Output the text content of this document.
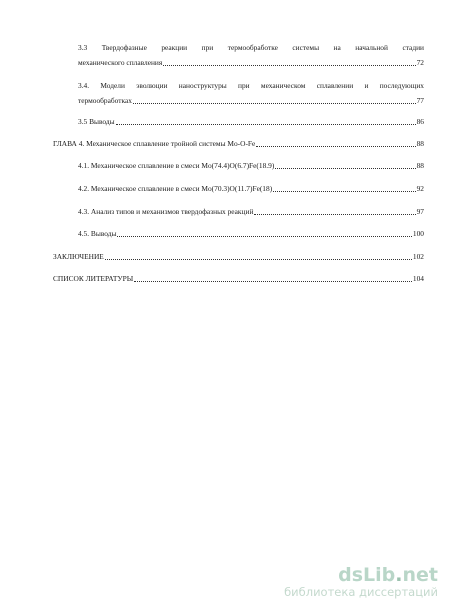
3.3 Твердофазные реакции при термообработке системы на начальной стадии
механического сплавления	72
3.4. Модели эволюции наноструктуры при механическом сплавлении и последующих
термообработках	77
3.5 Выводы	86
ГЛАВА 4. Механическое сплавление тройной системы Mo-O-Fe	88
4.1. Механическое сплавление в смеси Mo(74.4)O(6.7)Fe(18.9)	88
4.2. Механическое сплавление в смеси Mo(70.3)O(11.7)Fe(18)	92
4.3. Анализ типов и механизмов твердофазных реакций	97
4.5. Выводы	100
ЗАКЛЮЧЕНИЕ	102
СПИСОК ЛИТЕРАТУРЫ	104
dsLib.net
библиотека диссертаций
